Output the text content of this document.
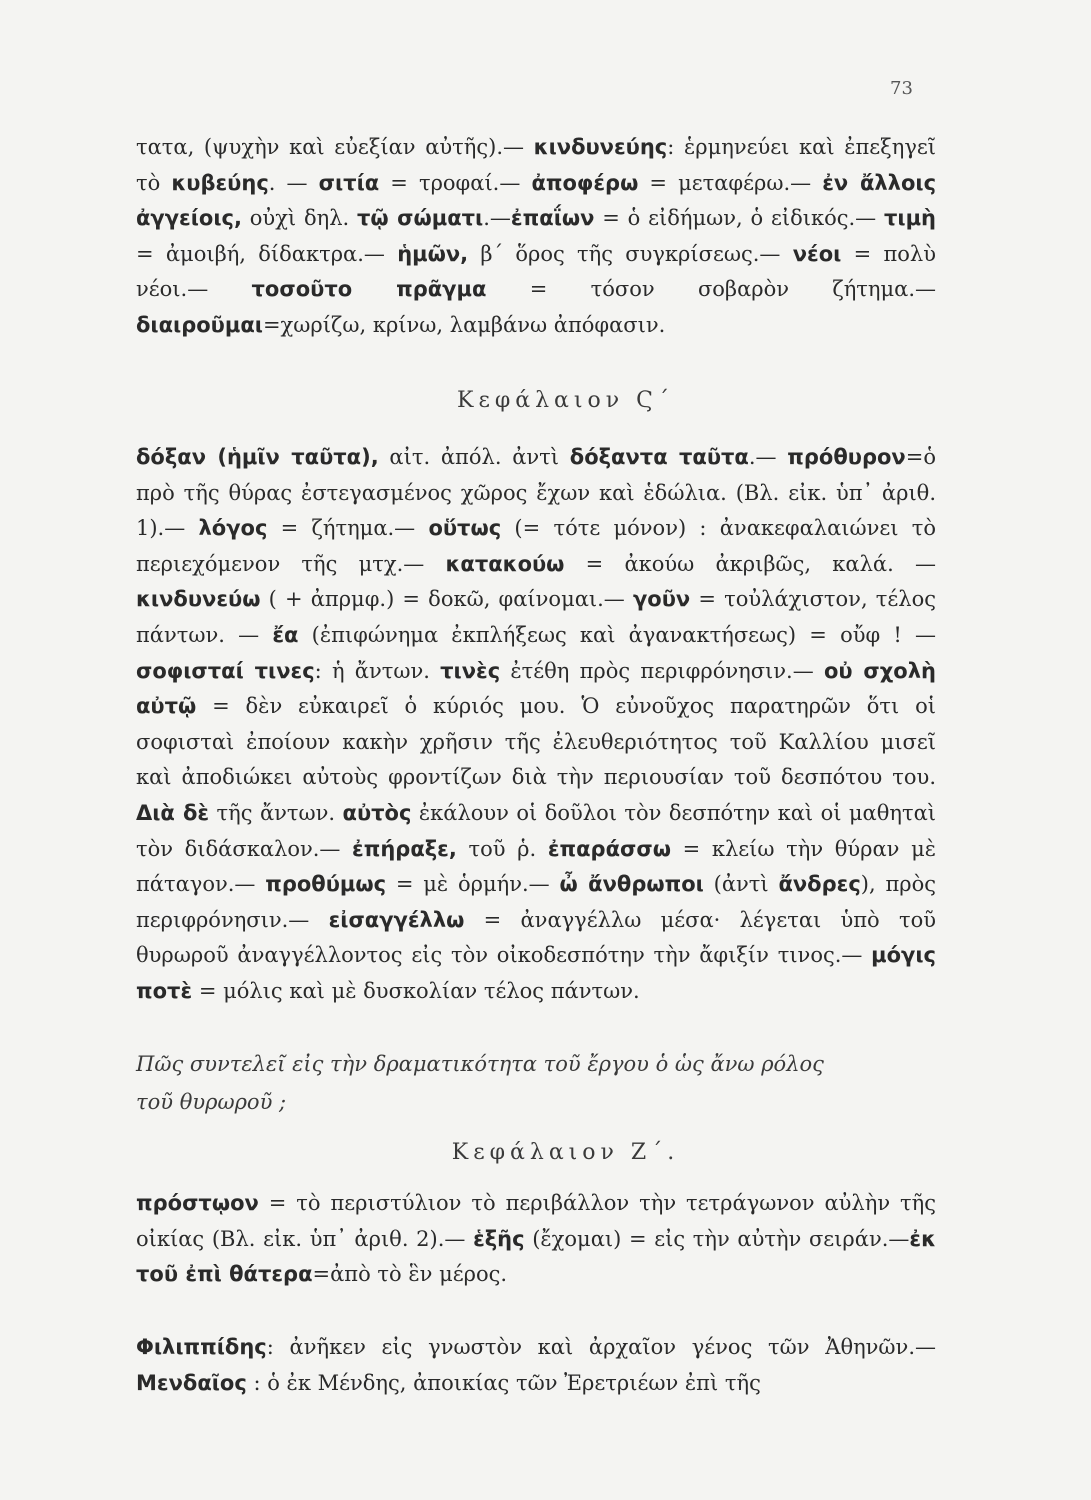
73
τατα, (ψυχὴν καὶ εὐεξίαν αὐτῆς).— κινδυνεύης: ἑρμηνεύει καὶ ἐπεξηγεῖ τὸ κυβεύης. — σιτία = τροφαί.— ἀποφέρω = μεταφέρω.— ἐν ἄλλοις ἀγγείοις, οὐχὶ δηλ. τῷ σώματι.—ἐπαΐων = ὁ εἰδήμων, ὁ εἰδικός.— τιμὴ = ἀμοιβή, δίδακτρα.— ἡμῶν, β΄ ὅρος τῆς συγκρίσεως.— νέοι = πολὺ νέοι.— τοσοῦτο πρᾶγμα = τόσον σοβαρὸν ζήτημα.—διαιροῦμαι=χωρίζω, κρίνω, λαμβάνω ἀπόφασιν.
Κεφάλαιον Ϛ΄
δόξαν (ἡμῖν ταῦτα), αἰτ. ἀπόλ. ἀντὶ δόξαντα ταῦτα.— πρόθυρον=ὁ πρὸ τῆς θύρας ἐστεγασμένος χῶρος ἔχων καὶ ἑδώλια. (Βλ. εἰκ. ὑπ᾿ ἀριθ. 1).— λόγος = ζήτημα.— οὕτως (= τότε μόνον) : ἀνακεφαλαιώνει τὸ περιεχόμενον τῆς μτχ.— κατακούω = ἀκούω ἀκριβῶς, καλά. — κινδυνεύω ( + ἀπρμφ.) = δοκῶ, φαίνομαι.— γοῦν = τοὐλάχιστον, τέλος πάντων. — ἔα (ἐπιφώνημα ἐκπλήξεως καὶ ἀγανακτήσεως) = οὔφ ! — σοφισταί τινες: ἡ ἄντων. τινὲς ἐτέθη πρὸς περιφρόνησιν.— οὐ σχολὴ αὐτῷ = δὲν εὐκαιρεῖ ὁ κύριός μου. Ὁ εὐνοῦχος παρατηρῶν ὅτι οἱ σοφισταὶ ἐποίουν κακὴν χρῆσιν τῆς ἐλευθεριότητος τοῦ Καλλίου μισεῖ καὶ ἀποδιώκει αὐτοὺς φροντίζων διὰ τὴν περιουσίαν τοῦ δεσπότου του. Διὰ δὲ τῆς ἄντων. αὐτὸς ἐκάλουν οἱ δοῦλοι τὸν δεσπότην καὶ οἱ μαθηταὶ τὸν διδάσκαλον.— ἐπήραξε, τοῦ ῥ. ἐπαράσσω = κλείω τὴν θύραν μὲ πάταγον.— προθύμως = μὲ ὁρμήν.— ὦ ἄνθρωποι (ἀντὶ ἄνδρες), πρὸς περιφρόνησιν.— εἰσαγγέλλω = ἀναγγέλλω μέσα· λέγεται ὑπὸ τοῦ θυρωροῦ ἀναγγέλλοντος εἰς τὸν οἰκοδεσπότην τὴν ἄφιξίν τινος.— μόγις ποτὲ = μόλις καὶ μὲ δυσκολίαν τέλος πάντων.
Πῶς συντελεῖ εἰς τὴν δραματικότητα τοῦ ἔργου ὁ ὡς ἄνω ρόλος
τοῦ θυρωροῦ ;
Κεφάλαιον Ζ΄.
πρόστῳον = τὸ περιστύλιον τὸ περιβάλλον τὴν τετράγωνον αὐλὴν τῆς οἰκίας (Βλ. εἰκ. ὑπ᾿ ἀριθ. 2).— ἑξῆς (ἔχομαι) = εἰς τὴν αὐτὴν σειράν.—ἐκ τοῦ ἐπὶ θάτερα=ἀπὸ τὸ ἓν μέρος.
Φιλιππίδης: ἀνῆκεν εἰς γνωστὸν καὶ ἀρχαῖον γένος τῶν Ἀθηνῶν.— Μενδαῖος : ὁ ἐκ Μένδης, ἀποικίας τῶν Ἐρετριέων ἐπὶ τῆς
